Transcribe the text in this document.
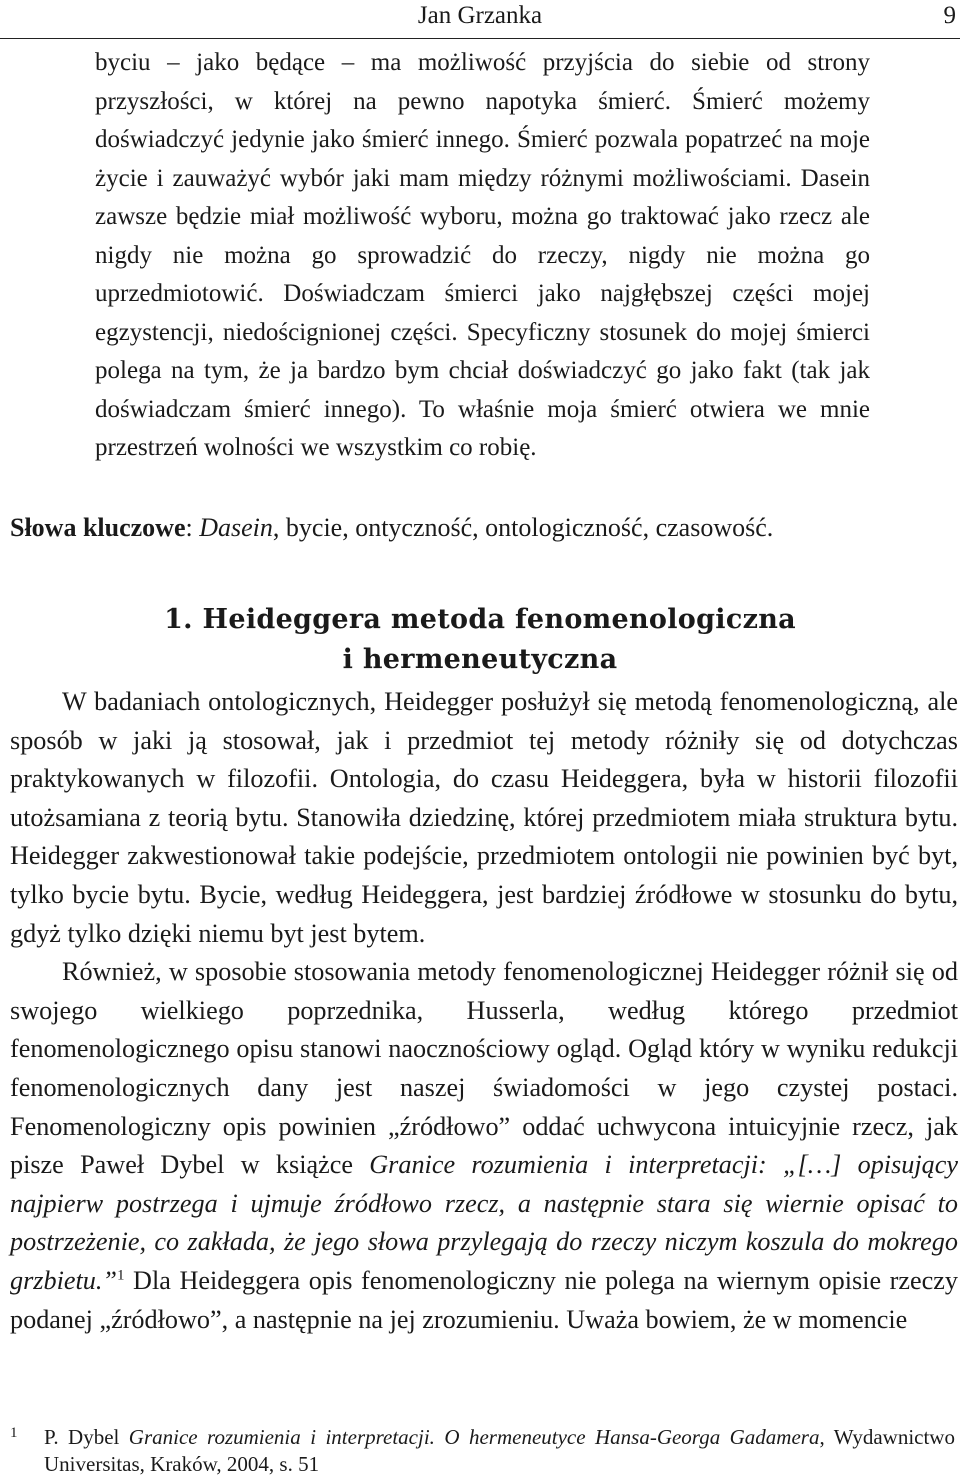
Jan Grzanka	9

byciu – jako będące – ma możliwość przyjścia do siebie od strony przyszłości, w której na pewno napotyka śmierć. Śmierć możemy doświadczyć jedynie jako śmierć innego. Śmierć pozwala popatrzeć na moje życie i zauważyć wybór jaki mam między różnymi możliwościami. Dasein zawsze będzie miał możliwość wyboru, można go traktować jako rzecz ale nigdy nie można go sprowadzić do rzeczy, nigdy nie można go uprzedmiotowić. Doświadczam śmierci jako najgłębszej części mojej egzystencji, niedoścignionej części. Specyficzny stosunek do mojej śmierci polega na tym, że ja bardzo bym chciał doświadczyć go jako fakt (tak jak doświadczam śmierć innego). To właśnie moja śmierć otwiera we mnie przestrzeń wolności we wszystkim co robię.

Słowa kluczowe: Dasein, bycie, ontyczność, ontologiczność, czasowość.

1. Heideggera metoda fenomenologiczna
i hermeneutyczna

W badaniach ontologicznych, Heidegger posłużył się metodą fenomenologiczną, ale sposób w jaki ją stosował, jak i przedmiot tej metody różniły się od dotychczas praktykowanych w filozofii. Ontologia, do czasu Heideggera, była w historii filozofii utożsamiana z teorią bytu. Stanowiła dziedzinę, której przedmiotem miała struktura bytu. Heidegger zakwestionował takie podejście, przedmiotem ontologii nie powinien być byt, tylko bycie bytu. Bycie, według Heideggera, jest bardziej źródłowe w stosunku do bytu, gdyż tylko dzięki niemu byt jest bytem.

Również, w sposobie stosowania metody fenomenologicznej Heidegger różnił się od swojego wielkiego poprzednika, Husserla, według którego przedmiot fenomenologicznego opisu stanowi naocznościowy ogląd. Ogląd który w wyniku redukcji fenomenologicznych dany jest naszej świadomości w jego czystej postaci. Fenomenologiczny opis powinien „źródłowo” oddać uchwycona intuicyjnie rzecz, jak pisze Paweł Dybel w książce Granice rozumienia i interpretacji: „[…] opisujący najpierw postrzega i ujmuje źródłowo rzecz, a następnie stara się wiernie opisać to postrzeżenie, co zakłada, że jego słowa przylegają do rzeczy niczym koszula do mokrego grzbietu.”$^1$ Dla Heideggera opis fenomenologiczny nie polega na wiernym opisie rzeczy podanej „źródłowo”, a następnie na jej zrozumieniu. Uważa bowiem, że w momencie

1 P. Dybel Granice rozumienia i interpretacji. O hermeneutyce Hansa-Georga Gadamera, Wydawnictwo Universitas, Kraków, 2004, s. 51
